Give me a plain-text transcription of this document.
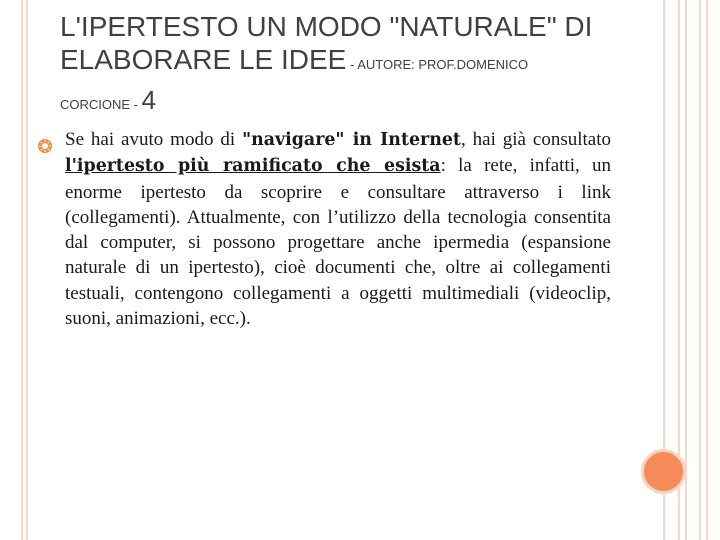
L'IPERTESTO UN MODO "NATURALE" DI
ELABORARE LE IDEE - AUTORE: PROF.DOMENICO
CORCIONE - 4
Se hai avuto modo di "navigare" in Internet, hai già consultato l'ipertesto più ramificato che esista: la rete, infatti, un enorme ipertesto da scoprire e consultare attraverso i link (collegamenti). Attualmente, con l’utilizzo della tecnologia consentita dal computer, si possono progettare anche ipermedia (espansione naturale di un ipertesto), cioè documenti che, oltre ai collegamenti testuali, contengono collegamenti a oggetti multimediali (videoclip, suoni, animazioni, ecc.).
